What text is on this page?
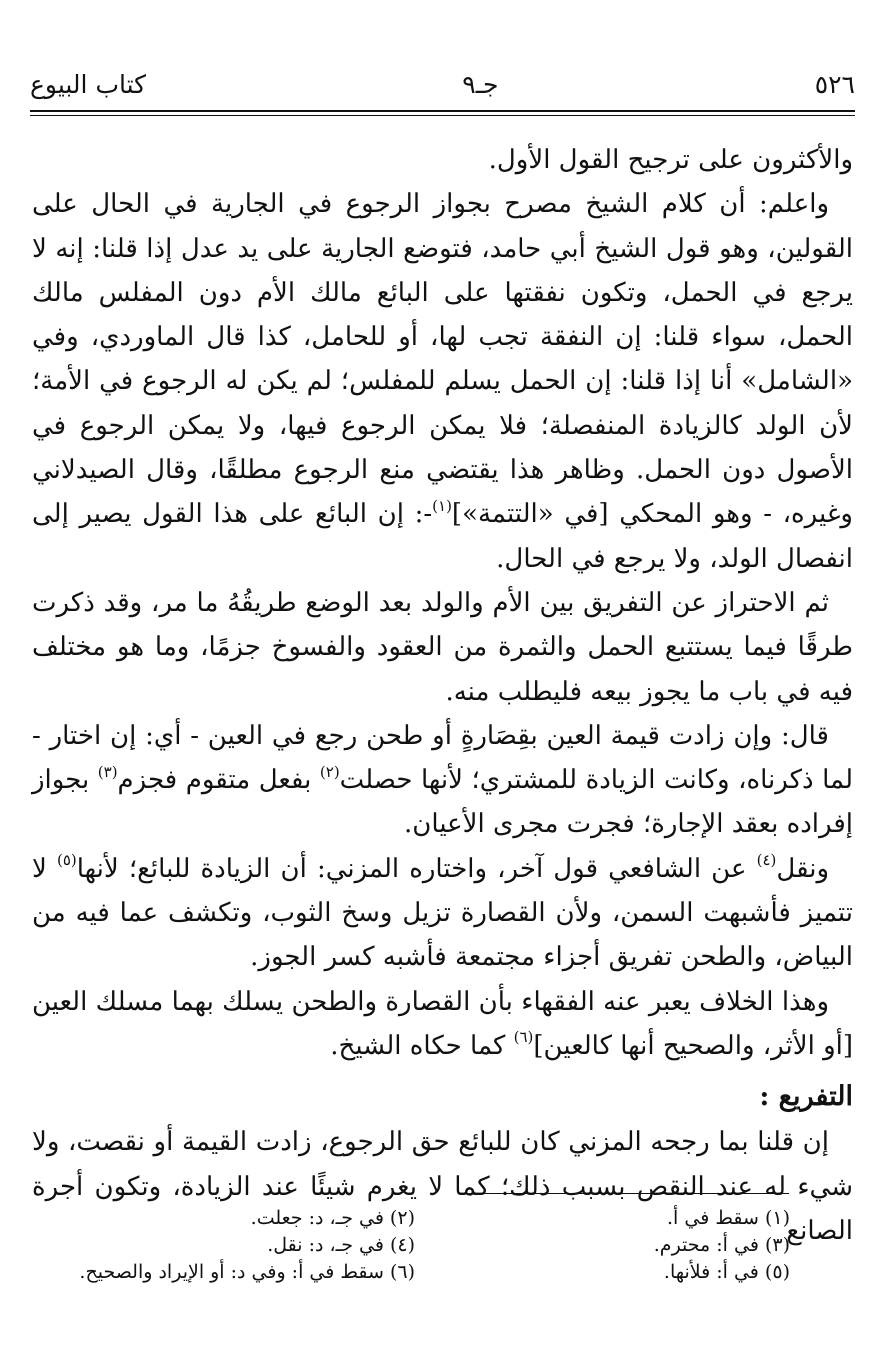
٥٢٦
جـ٩
كتاب البيوع

والأكثرون على ترجيح القول الأول.

واعلم: أن كلام الشيخ مصرح بجواز الرجوع في الجارية في الحال على القولين، وهو قول الشيخ أبي حامد، فتوضع الجارية على يد عدل إذا قلنا: إنه لا يرجع في الحمل، وتكون نفقتها على البائع مالك الأم دون المفلس مالك الحمل، سواء قلنا: إن النفقة تجب لها، أو للحامل، كذا قال الماوردي، وفي «الشامل» أنا إذا قلنا: إن الحمل يسلم للمفلس؛ لم يكن له الرجوع في الأمة؛ لأن الولد كالزيادة المنفصلة؛ فلا يمكن الرجوع فيها، ولا يمكن الرجوع في الأصول دون الحمل. وظاهر هذا يقتضي منع الرجوع مطلقًا، وقال الصيدلاني وغيره، - وهو المحكي [في «التتمة»]$^{(١)}$-: إن البائع على هذا القول يصير إلى انفصال الولد، ولا يرجع في الحال.

ثم الاحتراز عن التفريق بين الأم والولد بعد الوضع طريقُهُ ما مر، وقد ذكرت طرقًا فيما يستتبع الحمل والثمرة من العقود والفسوخ جزمًا، وما هو مختلف فيه في باب ما يجوز بيعه فليطلب منه.

قال: وإن زادت قيمة العين بقِصَارةٍ أو طحن رجع في العين - أي: إن اختار - لما ذكرناه، وكانت الزيادة للمشتري؛ لأنها حصلت$^{(٢)}$ بفعل متقوم فجزم$^{(٣)}$ بجواز إفراده بعقد الإجارة؛ فجرت مجرى الأعيان.

ونقل$^{(٤)}$ عن الشافعي قول آخر، واختاره المزني: أن الزيادة للبائع؛ لأنها$^{(٥)}$ لا تتميز فأشبهت السمن، ولأن القصارة تزيل وسخ الثوب، وتكشف عما فيه من البياض، والطحن تفريق أجزاء مجتمعة فأشبه كسر الجوز.

وهذا الخلاف يعبر عنه الفقهاء بأن القصارة والطحن يسلك بهما مسلك العين [أو الأثر، والصحيح أنها كالعين]$^{(٦)}$ كما حكاه الشيخ.

التفريع :

إن قلنا بما رجحه المزني كان للبائع حق الرجوع، زادت القيمة أو نقصت، ولا شيء له عند النقص بسبب ذلك؛ كما لا يغرم شيئًا عند الزيادة، وتكون أجرة الصانع

(١) سقط في أ.
(٢) في جـ، د: جعلت.
(٣) في أ: محترم.
(٤) في جـ، د: نقل.
(٥) في أ: فلأنها.
(٦) سقط في أ: وفي د: أو الإيراد والصحيح.
